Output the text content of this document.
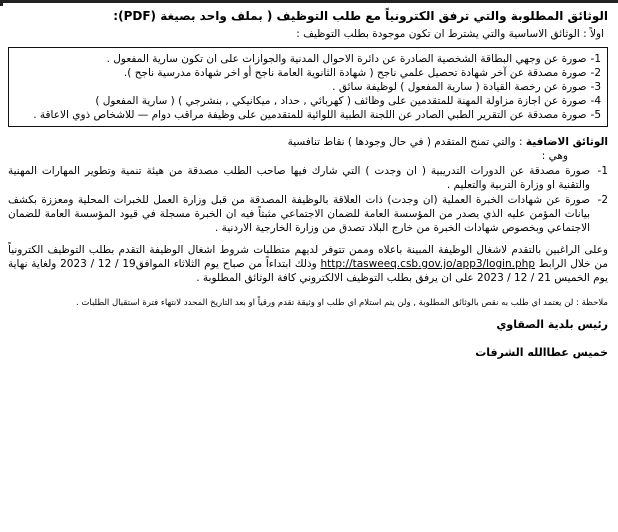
الوثائق المطلوبة والتي ترفق الكترونياً مع طلب التوظيف ( بملف واحد بصيغة (PDF):
اولاً : الوثائق الاساسية والتي يشترط ان تكون موجودة بطلب التوظيف :
1-
صورة عن وجهي البطاقة الشخصية الصادرة عن دائرة الاحوال المدنية والجوازات على ان تكون سارية المفعول .
2-
صورة مصدقة عن آخر شهادة تحصيل علمي ناجح ( شهادة الثانوية العامة ناجح أو اخر شهادة مدرسية ناجح ).
3-
صورة عن رخصة القيادة ( سارية المفعول ) لوظيفة سائق .
4-
صورة عن اجازة مزاولة المهنة للمتقدمين على وظائف ( كهربائي , حداد , ميكانيكي , بنشرجي ) ( سارية المفعول )
5-
صورة مصدقة عن التقرير الطبي الصادر عن اللجنة الطبية اللوائية للمتقدمين على وظيفة مراقب دوام — للاشخاص ذوي الاعاقة .
الوثائق الاضافية : والتي تمنح المتقدم ( في حال وجودها ) نقاط تنافسية
وهي :
1-
صورة مصدقة عن الدورات التدريبية ( ان وجدت ) التي شارك فيها صاحب الطلب مصدقة من هيئة تنمية وتطوير المهارات المهنية والتقنية او وزارة التربية والتعليم .
2-
صورة عن شهادات الخبرة العملية (ان وجدت) ذات العلاقة بالوظيفة المصدقة من قبل وزارة العمل للخبرات المحلية ومعززة بكشف بيانات المؤمن عليه الذي يصدر من المؤسسة العامة للضمان الاجتماعي مثبتاً فيه ان الخبرة مسجلة في قيود المؤسسة العامة للضمان الاجتماعي وبخصوص شهادات الخبرة من خارج البلاد تصدق من وزارة الخارجية الاردنية .
وعلى الراغبين بالتقدم لاشغال الوظيفة المبينة باعلاه وممن تتوفر لديهم متطلبات شروط اشغال الوظيفة التقدم بطلب التوظيف الكترونياً من خلال الرابط http://tasweeq.csb.gov.jo/app3/login.php وذلك ابتداءاً من صباح يوم الثلاثاء الموافق19 / 12 / 2023 ولغاية نهاية يوم الخميس 21 / 12 / 2023 على ان يرفق بطلب التوظيف الالكتروني كافة الوثائق المطلوبة .
ملاحظة : لن يعتمد اي طلب به نقص بالوثائق المطلوبة , ولن يتم استلام اي طلب او وثيقة تقدم ورقياً او بعد التاريخ المحدد لانتهاء فترة استقبال الطلبات .
رئيس بلدية الصقاوي
خميس عطاالله الشرفات
